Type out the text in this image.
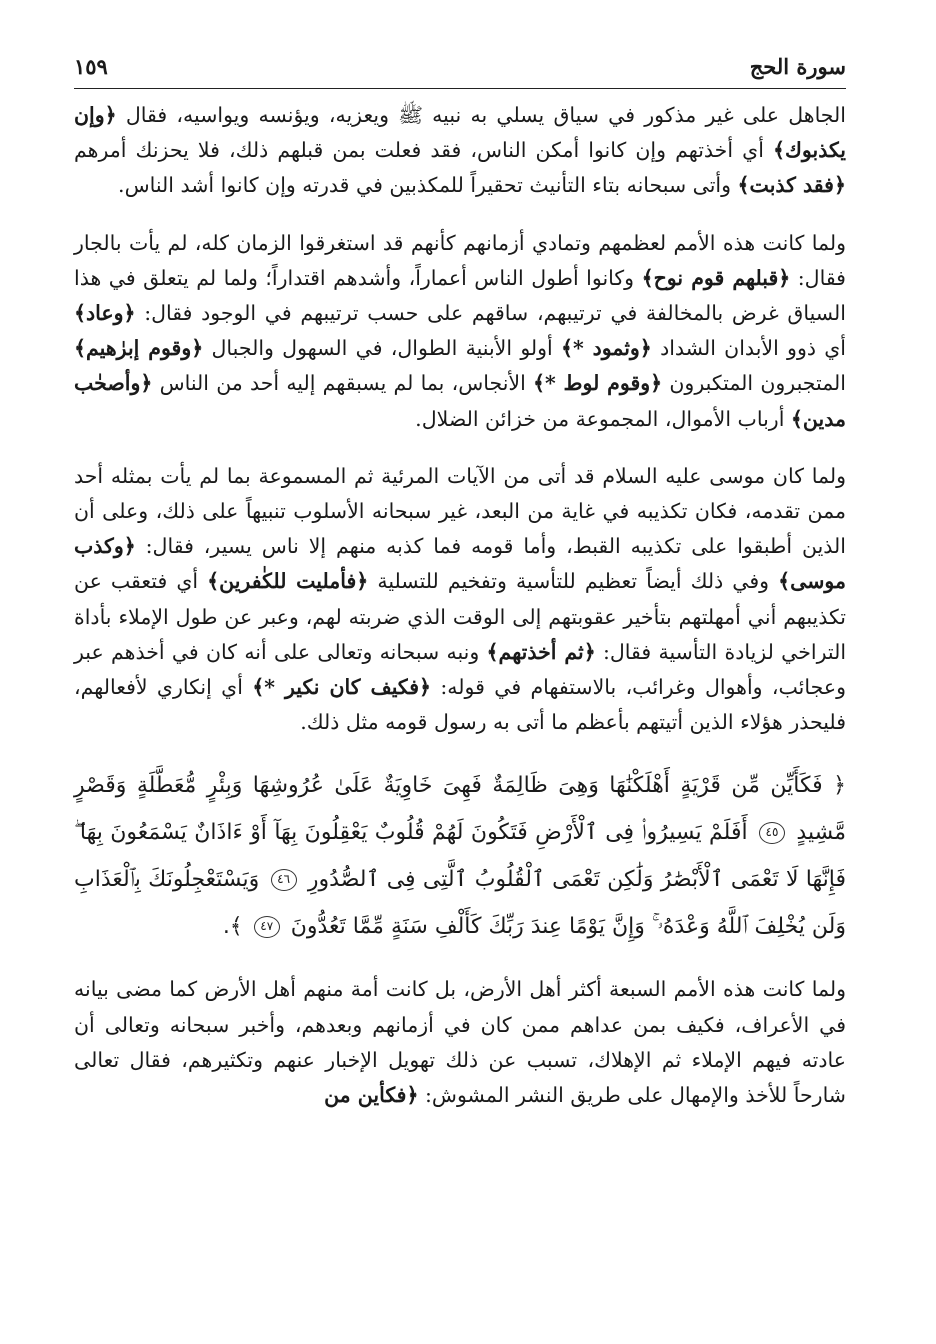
سورة الحج
١٥٩

الجاهل على غير مذكور في سياق يسلي به نبيه ﷺ ويعزيه، ويؤنسه ويواسيه، فقال ﴿وإن يكذبوك﴾ أي أخذتهم وإن كانوا أمكن الناس، فقد فعلت بمن قبلهم ذلك، فلا يحزنك أمرهم ﴿فقد كذبت﴾ وأتى سبحانه بتاء التأنيث تحقيراً للمكذبين في قدرته وإن كانوا أشد الناس.

ولما كانت هذه الأمم لعظمهم وتمادي أزمانهم كأنهم قد استغرقوا الزمان كله، لم يأت بالجار فقال: ﴿قبلهم قوم نوح﴾ وكانوا أطول الناس أعماراً، وأشدهم اقتداراً؛ ولما لم يتعلق في هذا السياق غرض بالمخالفة في ترتيبهم، ساقهم على حسب ترتيبهم في الوجود فقال: ﴿وعاد﴾ أي ذوو الأبدان الشداد ﴿وثمود *﴾ أولو الأبنية الطوال، في السهول والجبال ﴿وقوم إبرٰهيم﴾ المتجبرون المتكبرون ﴿وقوم لوط *﴾ الأنجاس، بما لم يسبقهم إليه أحد من الناس ﴿وأصحٰب مدين﴾ أرباب الأموال، المجموعة من خزائن الضلال.

ولما كان موسى عليه السلام قد أتى من الآيات المرئية ثم المسموعة بما لم يأت بمثله أحد ممن تقدمه، فكان تكذيبه في غاية من البعد، غير سبحانه الأسلوب تنبيهاً على ذلك، وعلى أن الذين أطبقوا على تكذيبه القبط، وأما قومه فما كذبه منهم إلا ناس يسير، فقال: ﴿وكذب موسى﴾ وفي ذلك أيضاً تعظيم للتأسية وتفخيم للتسلية ﴿فأمليت للكٰفرين﴾ أي فتعقب عن تكذيبهم أني أمهلتهم بتأخير عقوبتهم إلى الوقت الذي ضربته لهم، وعبر عن طول الإملاء بأداة التراخي لزيادة التأسية فقال: ﴿ثم أخذتهم﴾ ونبه سبحانه وتعالى على أنه كان في أخذهم عبر وعجائب، وأهوال وغرائب، بالاستفهام في قوله: ﴿فكيف كان نكير *﴾ أي إنكاري لأفعالهم، فليحذر هؤلاء الذين أتيتهم بأعظم ما أتى به رسول قومه مثل ذلك.

﴿ فَكَأَيِّن مِّن قَرْيَةٍ أَهْلَكْنَٰهَا وَهِىَ ظَالِمَةٌ فَهِىَ خَاوِيَةٌ عَلَىٰ عُرُوشِهَا وَبِئْرٍ مُّعَطَّلَةٍ وَقَصْرٍ مَّشِيدٍ ٤٥ أَفَلَمْ يَسِيرُوا۟ فِى ٱلْأَرْضِ فَتَكُونَ لَهُمْ قُلُوبٌ يَعْقِلُونَ بِهَآ أَوْ ءَاذَانٌ يَسْمَعُونَ بِهَا ۖ فَإِنَّهَا لَا تَعْمَى ٱلْأَبْصَٰرُ وَلَٰكِن تَعْمَى ٱلْقُلُوبُ ٱلَّتِى فِى ٱلصُّدُورِ ٤٦ وَيَسْتَعْجِلُونَكَ بِٱلْعَذَابِ وَلَن يُخْلِفَ ٱللَّهُ وَعْدَهُۥ ۚ وَإِنَّ يَوْمًا عِندَ رَبِّكَ كَأَلْفِ سَنَةٍ مِّمَّا تَعُدُّونَ ٤٧ ﴾.

ولما كانت هذه الأمم السبعة أكثر أهل الأرض، بل كانت أمة منهم أهل الأرض كما مضى بيانه في الأعراف، فكيف بمن عداهم ممن كان في أزمانهم وبعدهم، وأخبر سبحانه وتعالى أن عادته فيهم الإملاء ثم الإهلاك، تسبب عن ذلك تهويل الإخبار عنهم وتكثيرهم، فقال تعالى شارحاً للأخذ والإمهال على طريق النشر المشوش: ﴿فكأين من
